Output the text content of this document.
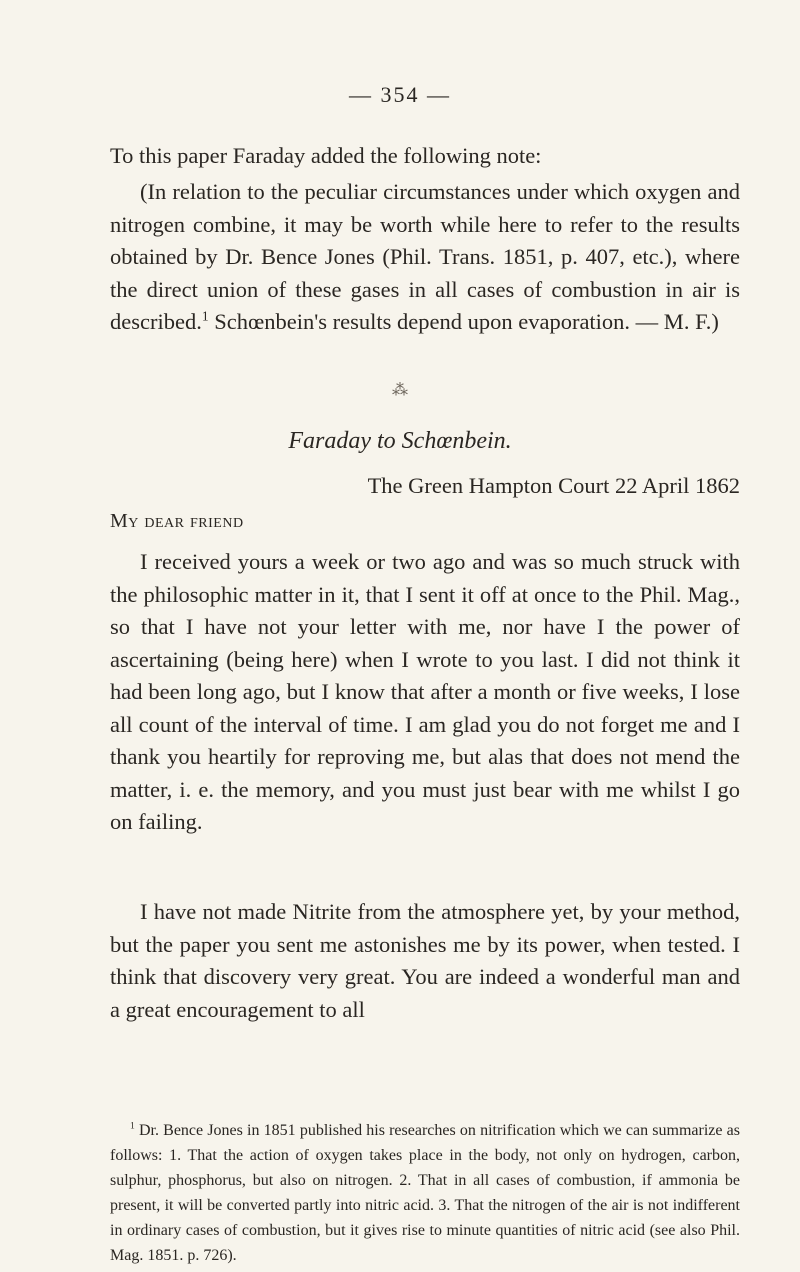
— 354 —

To this paper Faraday added the following note:

(In relation to the peculiar circumstances under which oxygen and nitrogen combine, it may be worth while here to refer to the results obtained by Dr. Bence Jones (Phil. Trans. 1851, p. 407, etc.), where the direct union of these gases in all cases of combustion in air is described.$^1$ Schœnbein's results depend upon evaporation. — M. F.)

⁂
Faraday to Schœnbein.
The Green Hampton Court 22 April 1862
My dear friend

I received yours a week or two ago and was so much struck with the philosophic matter in it, that I sent it off at once to the Phil. Mag., so that I have not your letter with me, nor have I the power of ascertaining (being here) when I wrote to you last. I did not think it had been long ago, but I know that after a month or five weeks, I lose all count of the interval of time. I am glad you do not forget me and I thank you heartily for reproving me, but alas that does not mend the matter, i. e. the memory, and you must just bear with me whilst I go on failing.

I have not made Nitrite from the atmosphere yet, by your method, but the paper you sent me astonishes me by its power, when tested. I think that discovery very great. You are indeed a wonderful man and a great encouragement to all

$^1$ Dr. Bence Jones in 1851 published his researches on nitrification which we can summarize as follows: 1. That the action of oxygen takes place in the body, not only on hydrogen, carbon, sulphur, phosphorus, but also on nitrogen. 2. That in all cases of combustion, if ammonia be present, it will be converted partly into nitric acid. 3. That the nitrogen of the air is not indifferent in ordinary cases of combustion, but it gives rise to minute quantities of nitric acid (see also Phil. Mag. 1851. p. 726).
